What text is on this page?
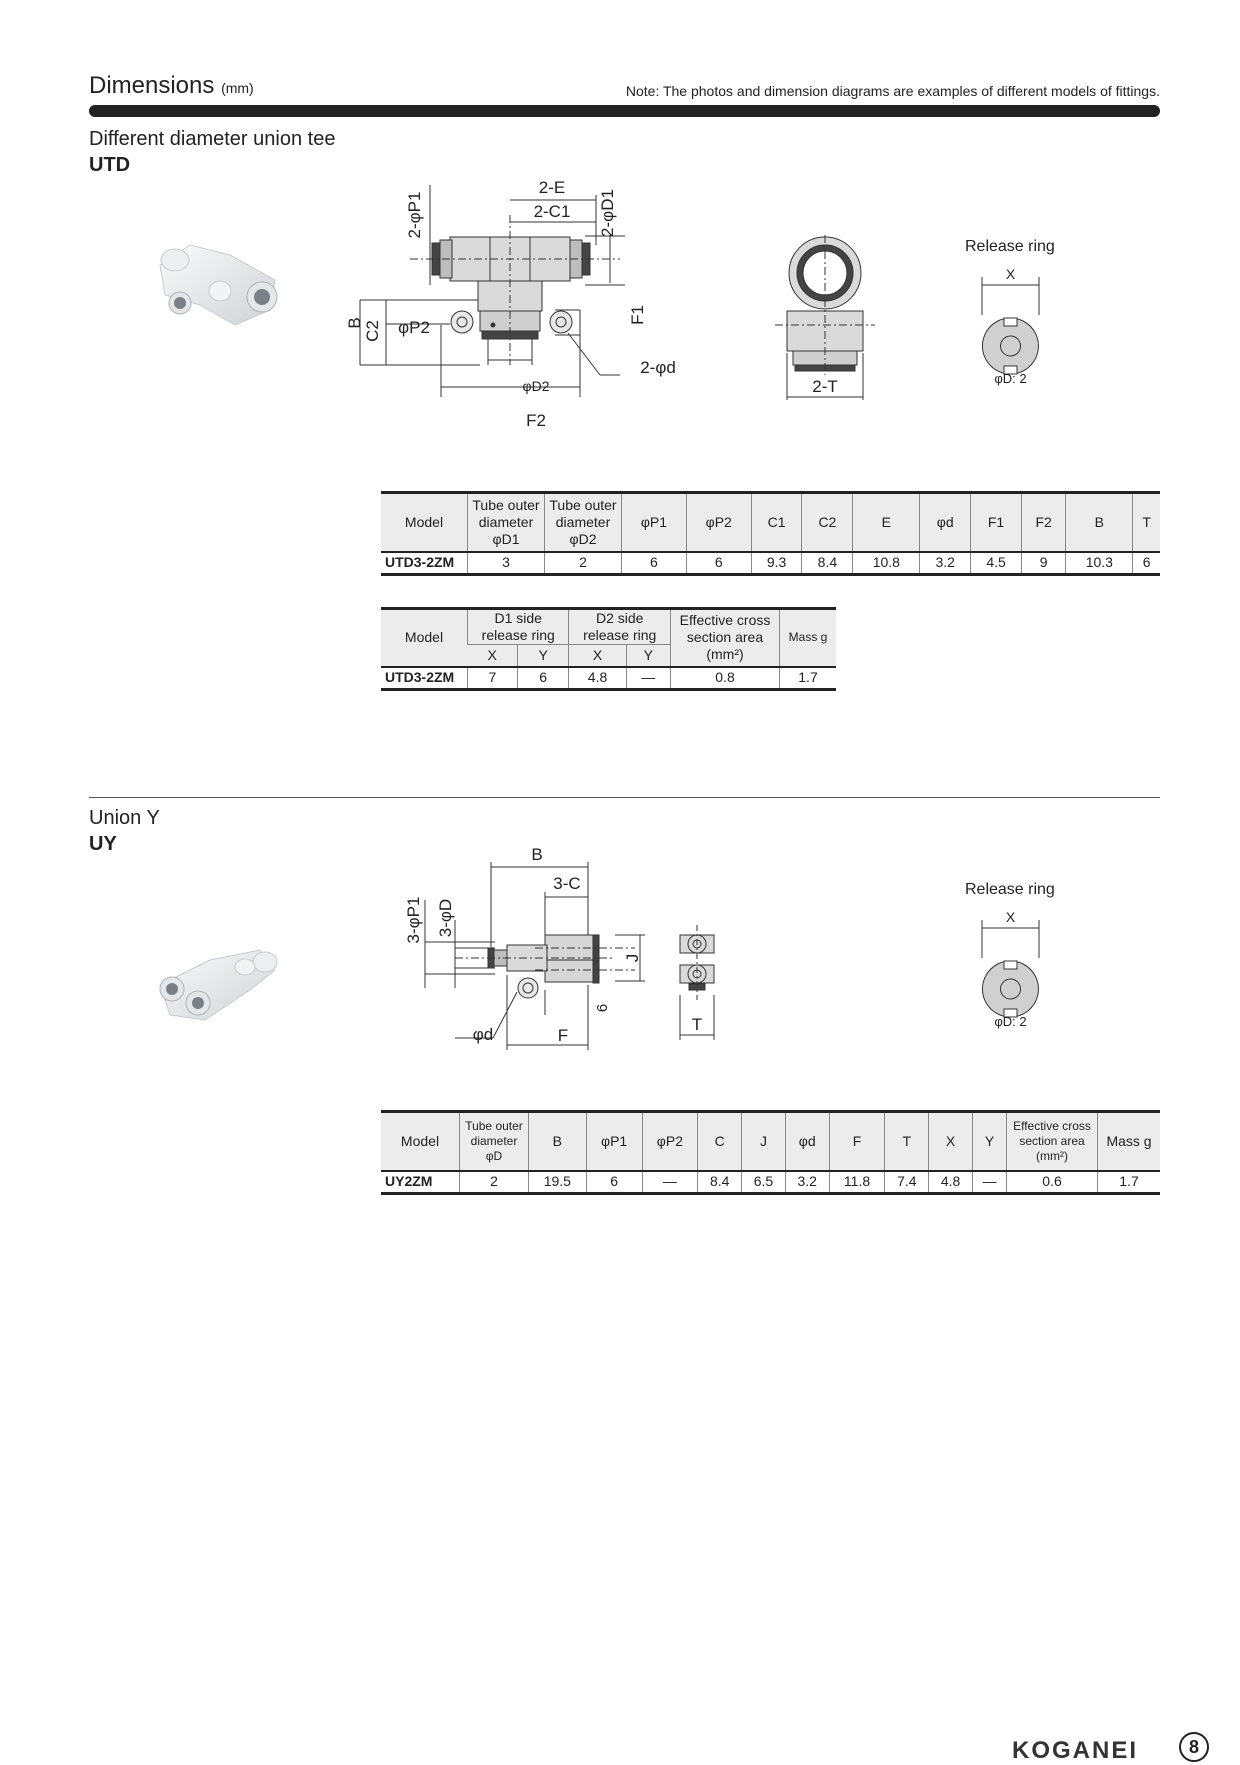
Dimensions (mm)	Note: The photos and dimension diagrams are examples of different models of fittings.
Different diameter union tee
UTD
2-φP1
2-E
2-C1 2-φD1
B C2 φP2
F1
2-φd
φD2
F2
2-T
Release ring
X
φD: 2
Model	Tube outer diameter φD1	Tube outer diameter φD2	φP1	φP2	C1	C2	E	φd	F1	F2	B	T
UTD3-2ZM	3	2	6	6	9.3	8.4	10.8	3.2	4.5	9	10.3	6
Model	D1 side release ring		D2 side release ring		Effective cross section area (mm²)	Mass g
	X	Y	X	Y		
UTD3-2ZM	7	6	4.8	—	0.8	1.7
Union Y
UY	B
3-C
3-φP1 3-φD
J
6
φd	F
T
Release ring
X
φD: 2
Model	Tube outer diameter φD	B	φP1	φP2	C	J	φd	F	T	X	Y	Effective cross section area (mm²)	Mass g
UY2ZM	2	19.5	6	—	8.4	6.5	3.2	11.8	7.4	4.8	—	0.6	1.7
KOGANEI	8
